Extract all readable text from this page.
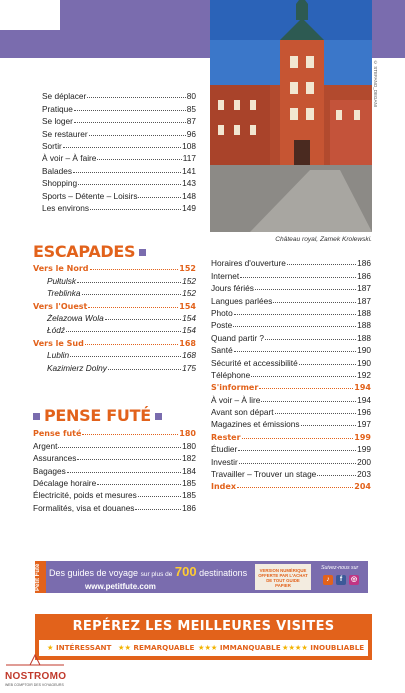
© STEFANO_DEGANI
Château royal, Zamek Krolewski.
Se déplacer	80
Pratique	85
Se loger	87
Se restaurer	96
Sortir	108
À voir – À faire	117
Balades	141
Shopping	143
Sports – Détente – Loisirs	148
Les environs	149
ESCAPADES
Vers le Nord	152
Pułtulsk	152
Treblinka	152
Vers l'Ouest	154
Żelazowa Wola	154
Łódź	154
Vers le Sud	168
Lublin	168
Kazimierz Dolny	175
PENSE FUTÉ
Pense futé	180
Argent	180
Assurances	182
Bagages	184
Décalage horaire	185
Électricité, poids et mesures	185
Formalités, visa et douanes	186
Horaires d'ouverture	186
Internet	186
Jours fériés	187
Langues parlées	187
Photo	188
Poste	188
Quand partir ?	188
Santé	190
Sécurité et accessibilité	190
Téléphone	192
S'informer	194
À voir – À lire	194
Avant son départ	196
Magazines et émissions	197
Rester	199
Étudier	199
Investir	200
Travailler – Trouver un stage	203
Index	204
Petit Futé Des guides de voyage sur plus de 700 destinations
www.petitfute.com
VERSION NUMÉRIQUE OFFERTE PAR L'ACHAT DE TOUT GUIDE PAPIER
Suivez-nous sur
♪	f	◎
REPÉREZ LES MEILLEURES VISITES
★ INTÉRESSANT ★★ REMARQUABLE ★★★ IMMANQUABLE ★★★★ INOUBLIABLE
NOSTROMO
WEB COMPTOIR DES VOYAGEURS
